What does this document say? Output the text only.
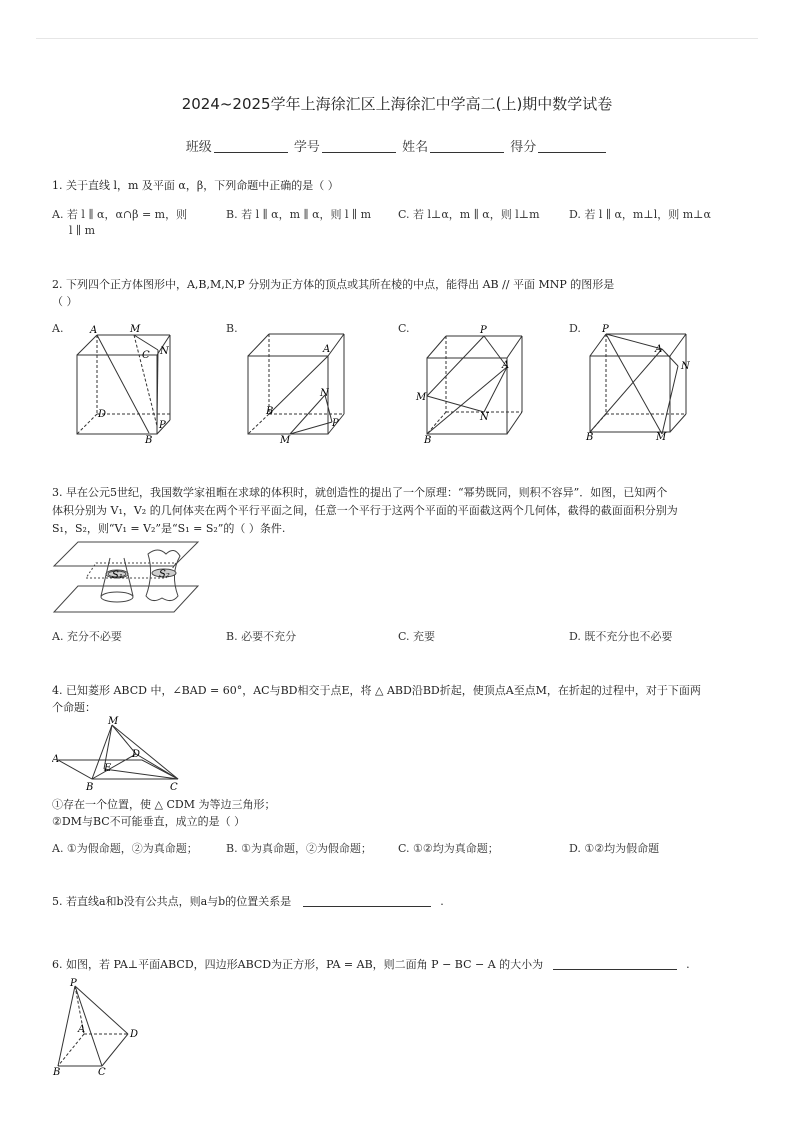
2024~2025学年上海徐汇区上海徐汇中学高二(上)期中数学试卷
班级	学号	姓名	得分
1. 关于直线 l，m 及平面 α，β，下列命题中正确的是（ ）
A. 若 l ∥ α，α∩β = m，则	B. 若 l ∥ α，m ∥ α，则 l ∥ m C. 若 l⊥α，m ∥ α，则 l⊥m	D. 若 l ∥ α，m⊥l，则 m⊥α
l ∥ m
2. 下列四个正方体图形中，A,B,M,N,P 分别为正方体的顶点或其所在棱的中点，能得出 AB // 平面 MNP 的图形是
（ ）
A.	B.	C.	D.
A	M
C N
D
P
B
A
B
N
P
M
P
A
M
N
B
P
A
N
B	M
3. 早在公元5世纪，我国数学家祖暅在求球的体积时，就创造性的提出了一个原理：“幂势既同，则积不容异”．如图，已知两个
体积分别为 V₁，V₂ 的几何体夹在两个平行平面之间，任意一个平行于这两个平面的平面截这两个几何体，截得的截面面积分别为
S₁，S₂，则“V₁ = V₂”是“S₁ = S₂”的（ ）条件.
S₁	S₂
A. 充分不必要	B. 必要不充分	C. 充要	D. 既不充分也不必要
4. 已知菱形 ABCD 中，∠BAD = 60°，AC与BD相交于点E，将 △ ABD沿BD折起，使顶点A至点M，在折起的过程中，对于下面两
个命题：
M
A	D
E
B	C
①存在一个位置，使 △ CDM 为等边三角形；
②DM与BC不可能垂直，成立的是（ ）
A. ①为假命题，②为真命题；	B. ①为真命题，②为假命题； C. ①②均为真命题；	D. ①②均为假命题
5. 若直线a和b没有公共点，则a与b的位置关系是	.
6. 如图，若 PA⊥平面ABCD，四边形ABCD为正方形，PA = AB，则二面角 P − BC − A 的大小为	.
P
A	D
B	C
